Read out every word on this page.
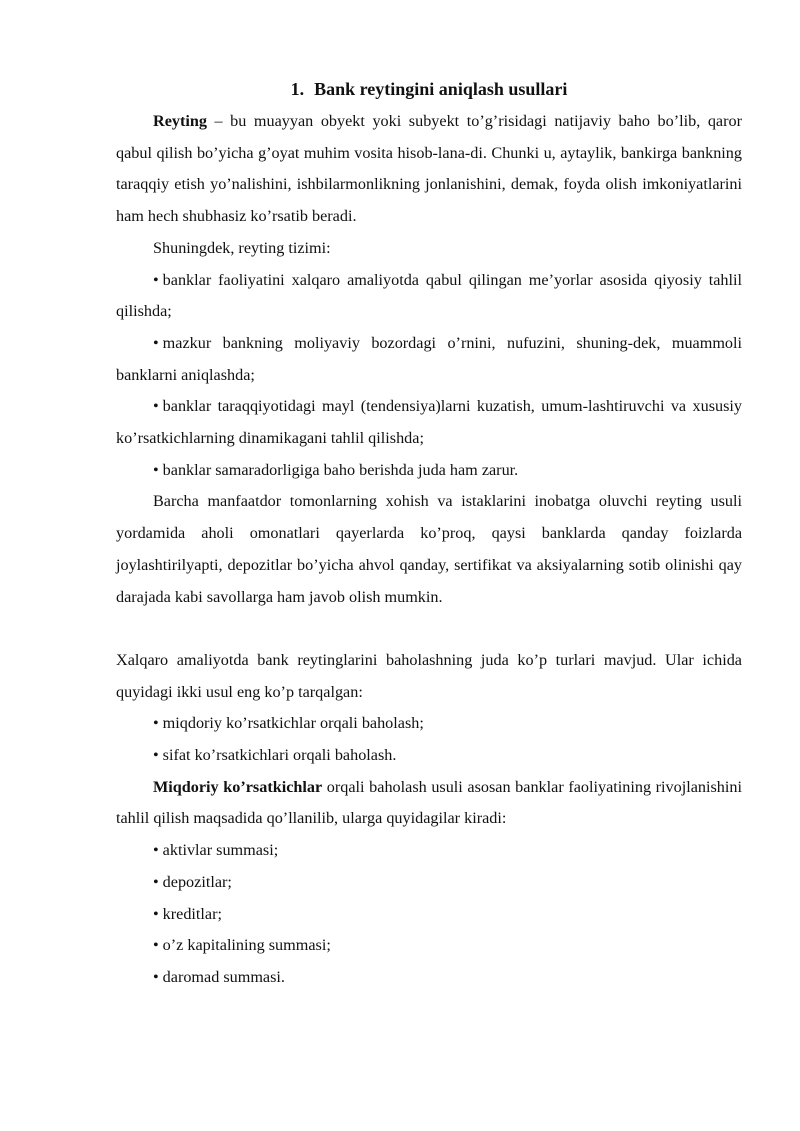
1. Bank reytingini aniqlash usullari

Reyting – bu muayyan obyekt yoki subyekt to’g’risidagi natijaviy baho bo’lib, qaror qabul qilish bo’yicha g’oyat muhim vosita hisob-lana-di. Chunki u, aytaylik, bankirga bankning taraqqiy etish yo’nalishini, ishbilarmonlikning jonlanishini, demak, foyda olish imkoniyatlarini ham hech shubhasiz ko’rsatib beradi.

Shuningdek, reyting tizimi:

• banklar faoliyatini xalqaro amaliyotda qabul qilingan me’yorlar asosida qiyosiy tahlil qilishda;

• mazkur bankning moliyaviy bozordagi o’rnini, nufuzini, shuning-dek, muammoli banklarni aniqlashda;

• banklar taraqqiyotidagi mayl (tendensiya)larni kuzatish, umum-lashtiruvchi va xususiy ko’rsatkichlarning dinamikagani tahlil qilishda;

• banklar samaradorligiga baho berishda juda ham zarur.

Barcha manfaatdor tomonlarning xohish va istaklarini inobatga oluvchi reyting usuli yordamida aholi omonatlari qayerlarda ko’proq, qaysi banklarda qanday foizlarda joylashtirilyapti, depozitlar bo’yicha ahvol qanday, sertifikat va aksiyalarning sotib olinishi qay darajada kabi savollarga ham javob olish mumkin.

Xalqaro amaliyotda bank reytinglarini baholashning juda ko’p turlari mavjud. Ular ichida quyidagi ikki usul eng ko’p tarqalgan:

• miqdoriy ko’rsatkichlar orqali baholash;

• sifat ko’rsatkichlari orqali baholash.

Miqdoriy ko’rsatkichlar orqali baholash usuli asosan banklar faoliyatining rivojlanishini tahlil qilish maqsadida qo’llanilib, ularga quyidagilar kiradi:

• aktivlar summasi;

• depozitlar;

• kreditlar;

• o’z kapitalining summasi;

• daromad summasi.
